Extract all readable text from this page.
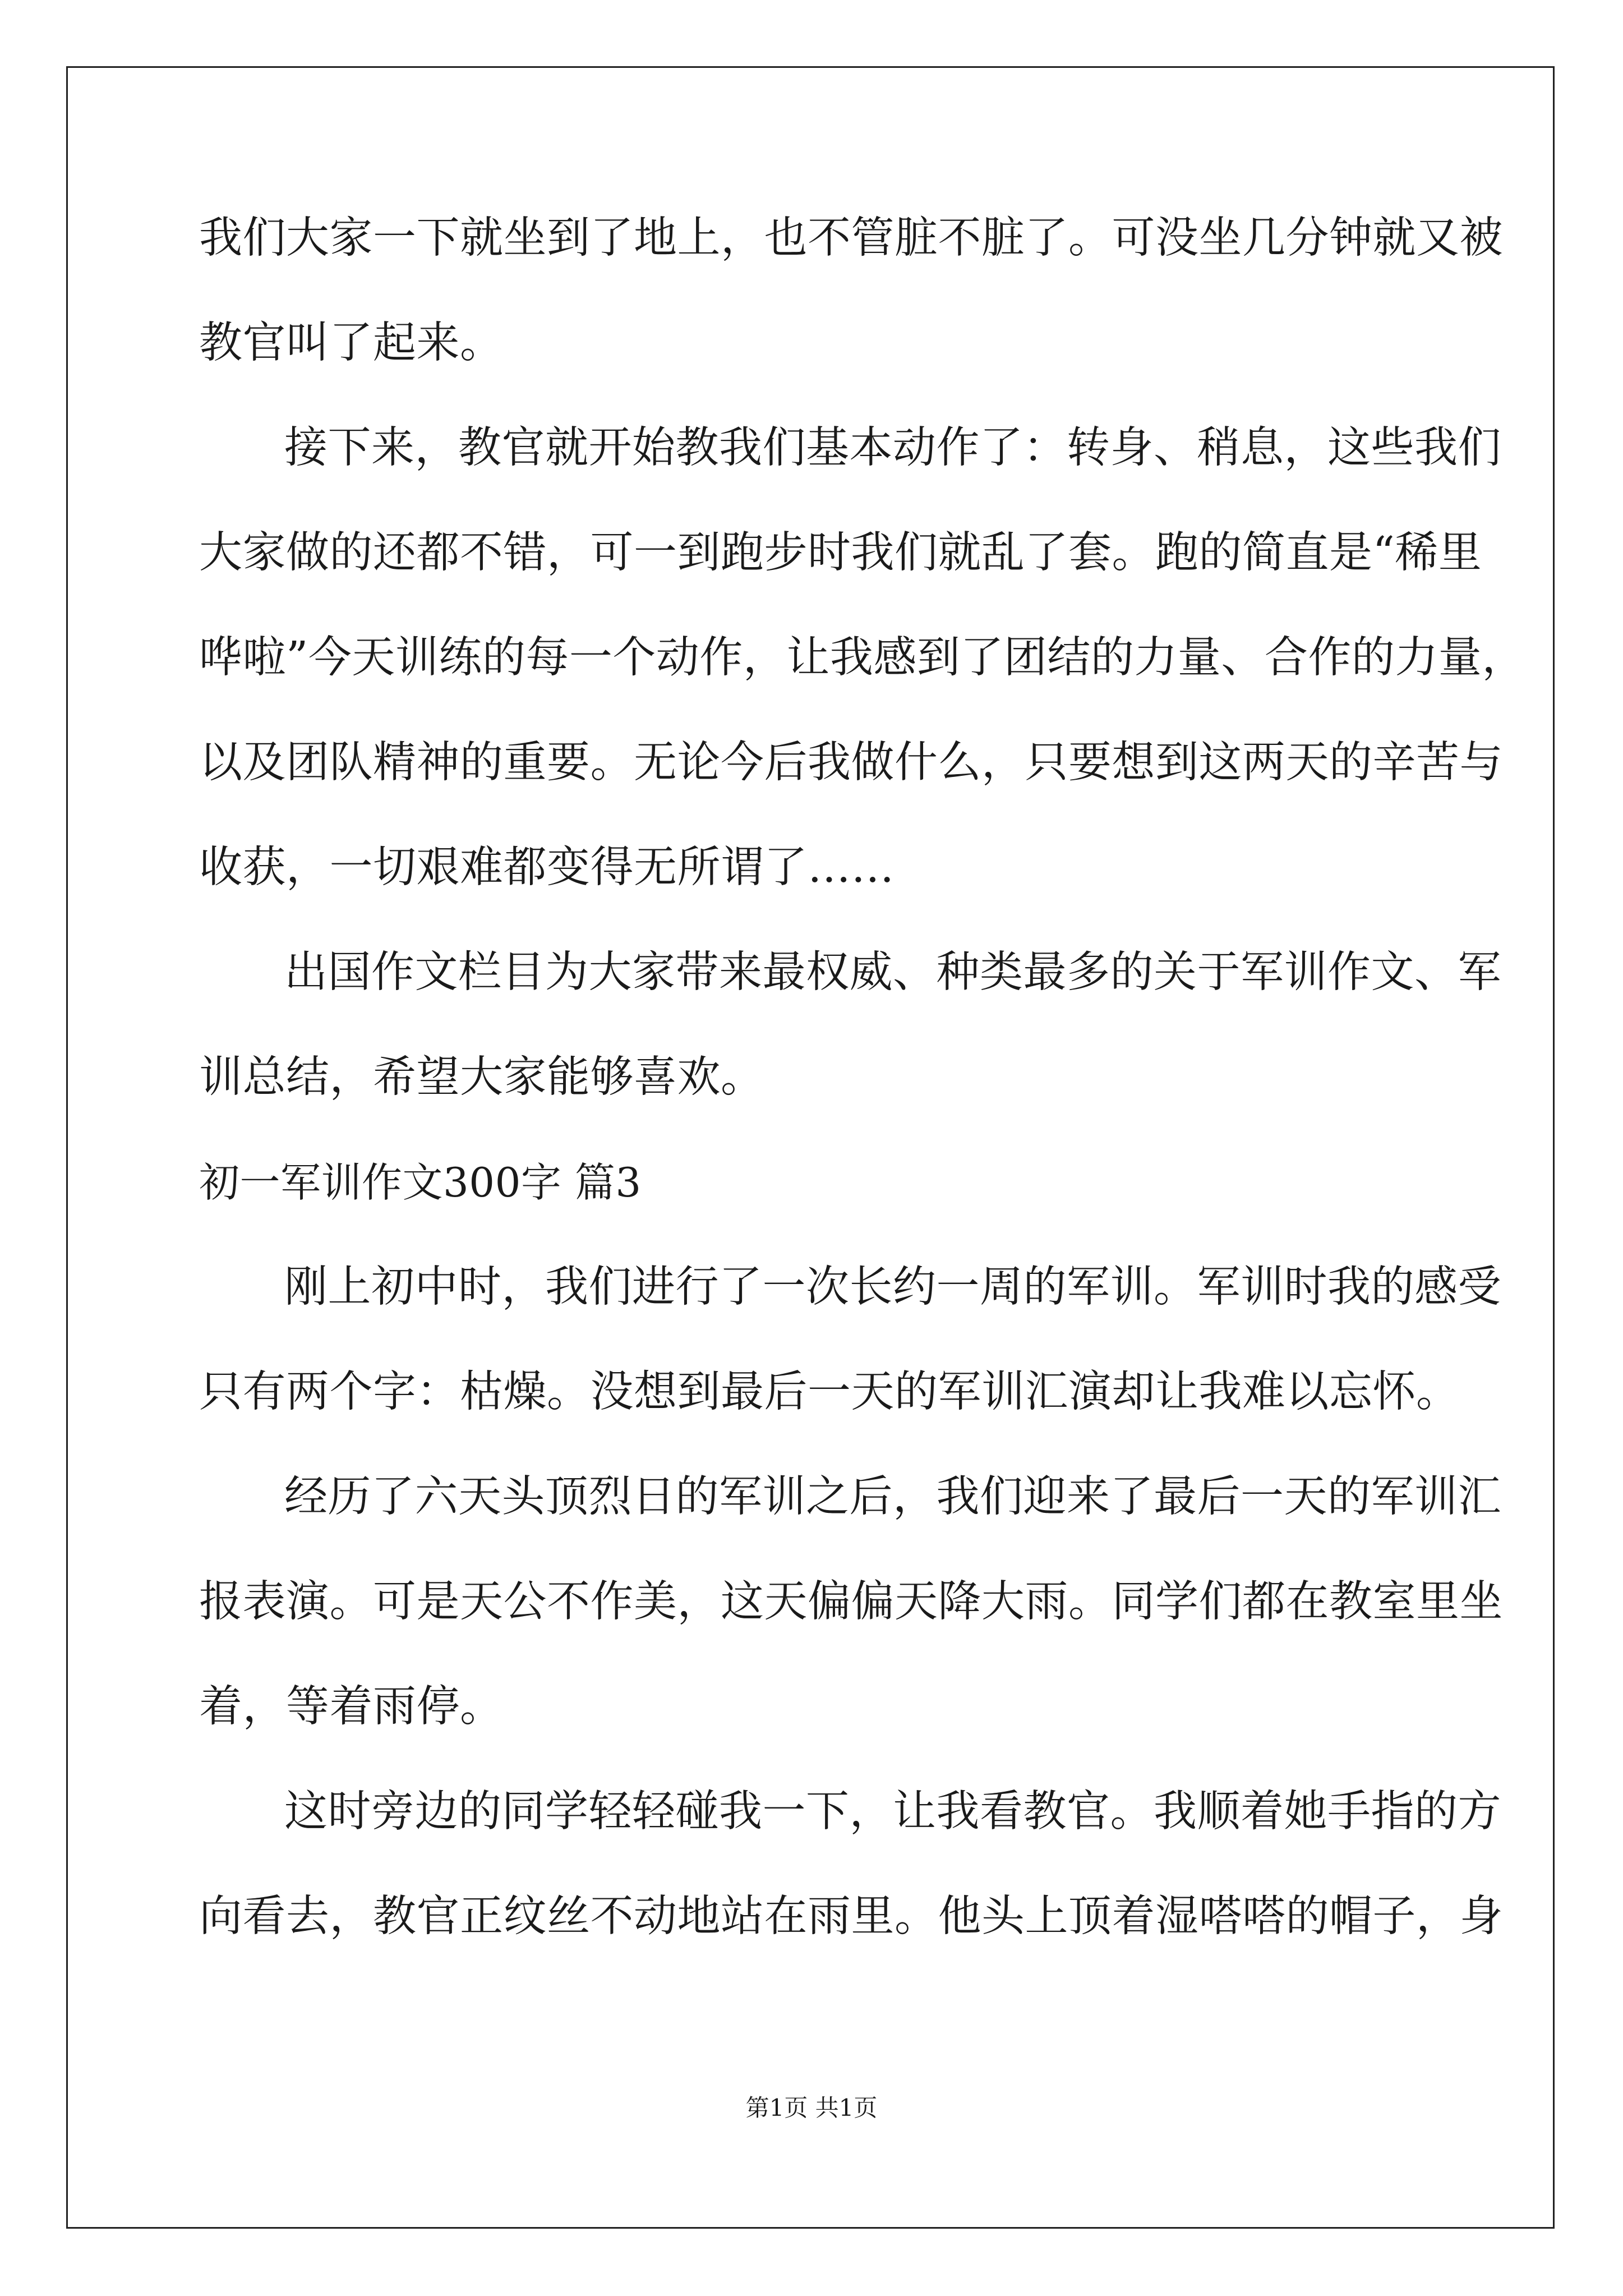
我们大家一下就坐到了地上，也不管脏不脏了。可没坐几分钟就又被
教官叫了起来。
接下来，教官就开始教我们基本动作了：转身、稍息，这些我们
大家做的还都不错，可一到跑步时我们就乱了套。跑的简直是“稀里
哗啦”今天训练的每一个动作，让我感到了团结的力量、合作的力量，
以及团队精神的重要。无论今后我做什么，只要想到这两天的辛苦与
收获，一切艰难都变得无所谓了……
出国作文栏目为大家带来最权威、种类最多的关于军训作文、军
训总结，希望大家能够喜欢。
初一军训作文300字 篇3
刚上初中时，我们进行了一次长约一周的军训。军训时我的感受
只有两个字：枯燥。没想到最后一天的军训汇演却让我难以忘怀。
经历了六天头顶烈日的军训之后，我们迎来了最后一天的军训汇
报表演。可是天公不作美，这天偏偏天降大雨。同学们都在教室里坐
着，等着雨停。
这时旁边的同学轻轻碰我一下，让我看教官。我顺着她手指的方
向看去，教官正纹丝不动地站在雨里。他头上顶着湿嗒嗒的帽子，身
第1页 共1页
